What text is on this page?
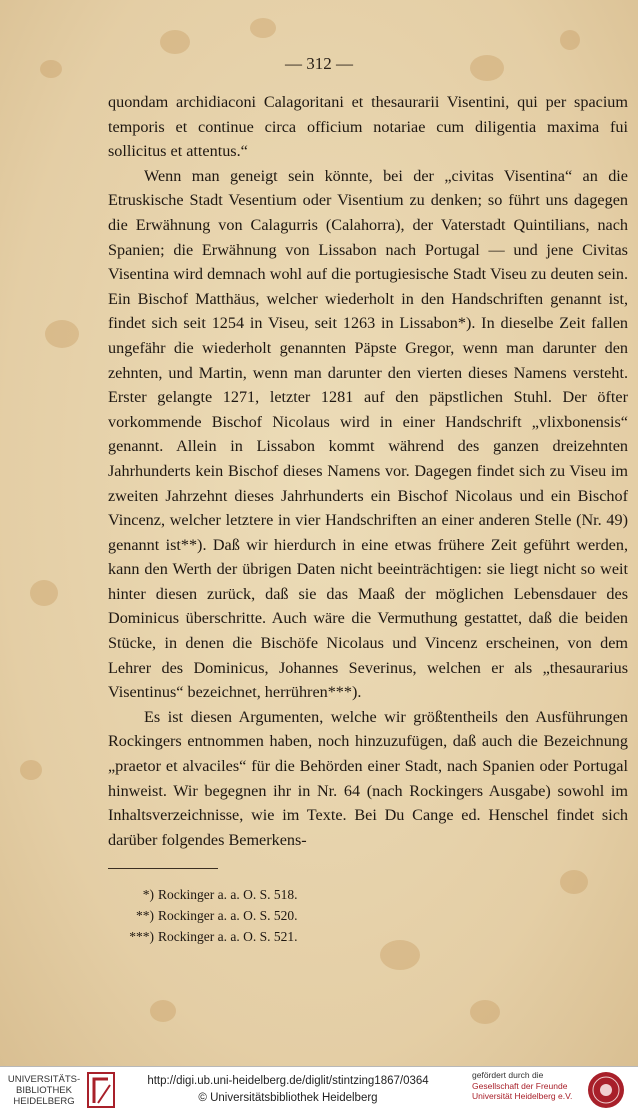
— 312 —

quondam archidiaconi Calagoritani et thesaurarii Visentini, qui per spacium temporis et continue circa officium notariae cum diligentia maxima fui sollicitus et attentus.“

Wenn man geneigt sein könnte, bei der „civitas Visentina“ an die Etruskische Stadt Vesentium oder Visentium zu denken; so führt uns dagegen die Erwähnung von Calagurris (Calahorra), der Vaterstadt Quintilians, nach Spanien; die Erwähnung von Lissabon nach Portugal — und jene Civitas Visentina wird demnach wohl auf die portugiesische Stadt Viseu zu deuten sein. Ein Bischof Matthäus, welcher wiederholt in den Handschriften genannt ist, findet sich seit 1254 in Viseu, seit 1263 in Lissabon*). In dieselbe Zeit fallen ungefähr die wiederholt genannten Päpste Gregor, wenn man darunter den zehnten, und Martin, wenn man darunter den vierten dieses Namens versteht. Erster gelangte 1271, letzter 1281 auf den päpstlichen Stuhl. Der öfter vorkommende Bischof Nicolaus wird in einer Handschrift „vlixbonensis“ genannt. Allein in Lissabon kommt während des ganzen dreizehnten Jahrhunderts kein Bischof dieses Namens vor. Dagegen findet sich zu Viseu im zweiten Jahrzehnt dieses Jahrhunderts ein Bischof Nicolaus und ein Bischof Vincenz, welcher letztere in vier Handschriften an einer anderen Stelle (Nr. 49) genannt ist**). Daß wir hierdurch in eine etwas frühere Zeit geführt werden, kann den Werth der übrigen Daten nicht beeinträchtigen: sie liegt nicht so weit hinter diesen zurück, daß sie das Maaß der möglichen Lebensdauer des Dominicus überschritte. Auch wäre die Vermuthung gestattet, daß die beiden Stücke, in denen die Bischöfe Nicolaus und Vincenz erscheinen, von dem Lehrer des Dominicus, Johannes Severinus, welchen er als „thesaurarius Visentinus“ bezeichnet, herrühren***).

Es ist diesen Argumenten, welche wir größtentheils den Ausführungen Rockingers entnommen haben, noch hinzuzufügen, daß auch die Bezeichnung „praetor et alvaciles“ für die Behörden einer Stadt, nach Spanien oder Portugal hinweist. Wir begegnen ihr in Nr. 64 (nach Rockingers Ausgabe) sowohl im Inhaltsverzeichnisse, wie im Texte. Bei Du Cange ed. Henschel findet sich darüber folgendes Bemerkens-

*) Rockinger a. a. O. S. 518.
**) Rockinger a. a. O. S. 520.
***) Rockinger a. a. O. S. 521.
UNIVERSITÄTS-
BIBLIOTHEK
HEIDELBERG
http://digi.ub.uni-heidelberg.de/diglit/stintzing1867/0364
© Universitätsbibliothek Heidelberg
gefördert durch die
Gesellschaft der Freunde
Universität Heidelberg e.V.
